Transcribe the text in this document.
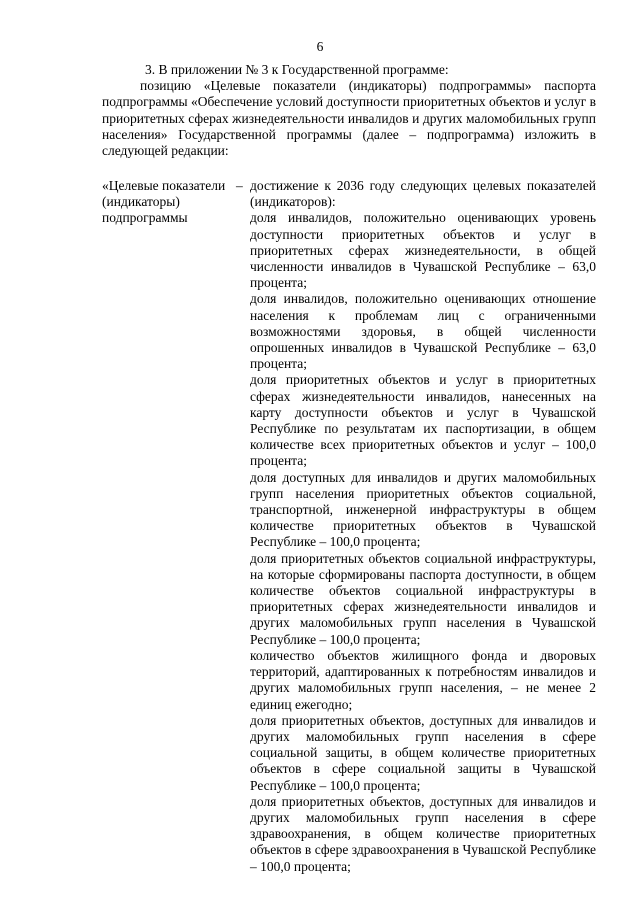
6

3. В приложении № 3 к Государственной программе:

позицию «Целевые показатели (индикаторы) подпрограммы» паспорта подпрограммы «Обеспечение условий доступности приоритетных объектов и услуг в приоритетных сферах жизнедеятельности инвалидов и других маломобильных групп населения» Государственной программы (далее – подпрограмма) изложить в следующей редакции:

«Целевые показатели (индикаторы) подпрограммы
– достижение к 2036 году следующих целевых показателей (индикаторов):

доля инвалидов, положительно оценивающих уровень доступности приоритетных объектов и услуг в приоритетных сферах жизнедеятельности, в общей численности инвалидов в Чувашской Республике – 63,0 процента;

доля инвалидов, положительно оценивающих отношение населения к проблемам лиц с ограниченными возможностями здоровья, в общей численности опрошенных инвалидов в Чувашской Республике – 63,0 процента;

доля приоритетных объектов и услуг в приоритетных сферах жизнедеятельности инвалидов, нанесенных на карту доступности объектов и услуг в Чувашской Республике по результатам их паспортизации, в общем количестве всех приоритетных объектов и услуг – 100,0 процента;

доля доступных для инвалидов и других маломобильных групп населения приоритетных объектов социальной, транспортной, инженерной инфраструктуры в общем количестве приоритетных объектов в Чувашской Республике – 100,0 процента;

доля приоритетных объектов социальной инфраструктуры, на которые сформированы паспорта доступности, в общем количестве объектов социальной инфраструктуры в приоритетных сферах жизнедеятельности инвалидов и других маломобильных групп населения в Чувашской Республике – 100,0 процента;

количество объектов жилищного фонда и дворовых территорий, адаптированных к потребностям инвалидов и других маломобильных групп населения, – не менее 2 единиц ежегодно;

доля приоритетных объектов, доступных для инвалидов и других маломобильных групп населения в сфере социальной защиты, в общем количестве приоритетных объектов в сфере социальной защиты в Чувашской Республике – 100,0 процента;

доля приоритетных объектов, доступных для инвалидов и других маломобильных групп населения в сфере здравоохранения, в общем количестве приоритетных объектов в сфере здравоохранения в Чувашской Республике – 100,0 процента;
